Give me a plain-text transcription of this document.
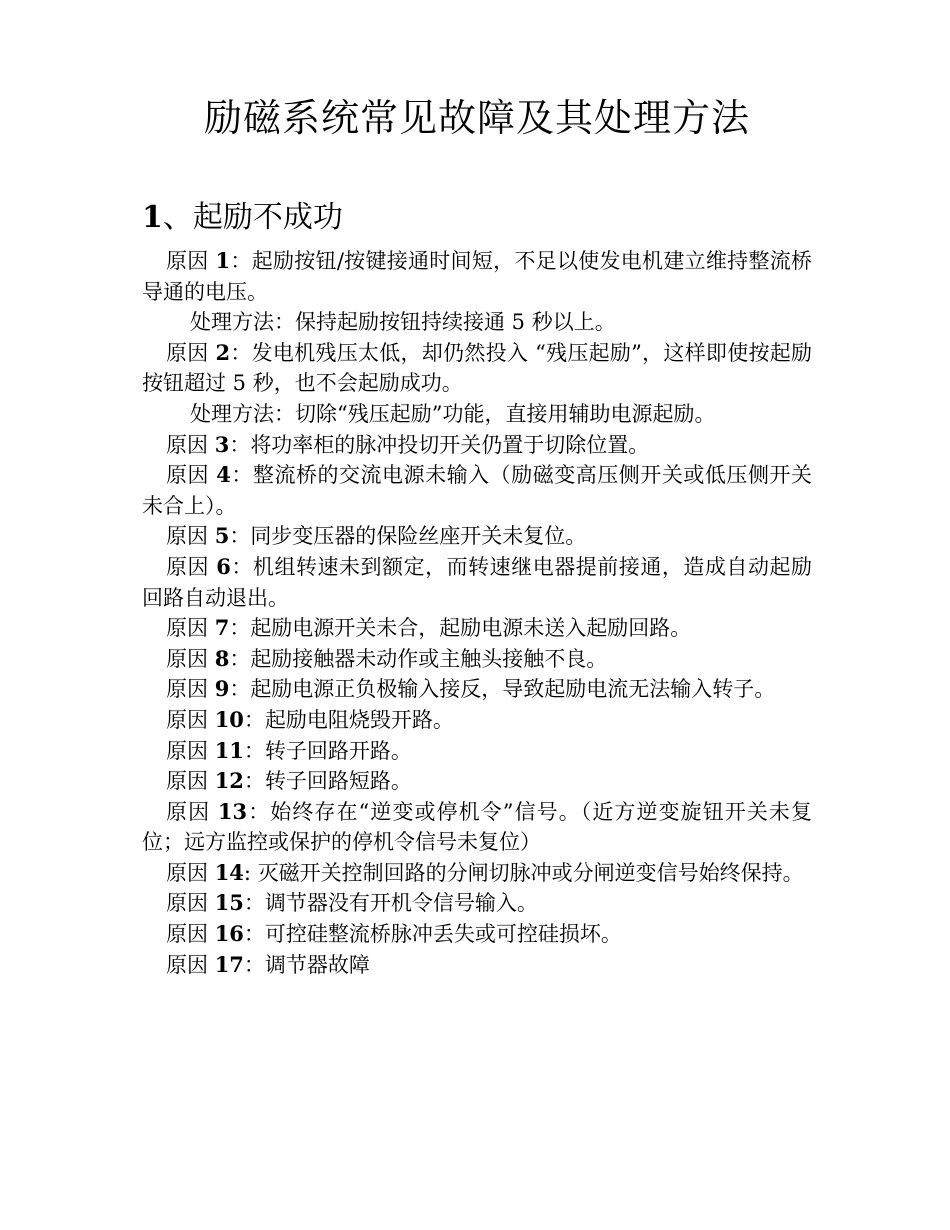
励磁系统常见故障及其处理方法
1、起励不成功

原因 1：起励按钮/按键接通时间短，不足以使发电机建立维持整流桥导通的电压。

处理方法：保持起励按钮持续接通 5 秒以上。

原因 2：发电机残压太低，却仍然投入 “残压起励”，这样即使按起励按钮超过 5 秒，也不会起励成功。

处理方法：切除“残压起励”功能，直接用辅助电源起励。

原因 3：将功率柜的脉冲投切开关仍置于切除位置。

原因 4：整流桥的交流电源未输入（励磁变高压侧开关或低压侧开关未合上）。

原因 5：同步变压器的保险丝座开关未复位。

原因 6：机组转速未到额定，而转速继电器提前接通，造成自动起励回路自动退出。

原因 7：起励电源开关未合，起励电源未送入起励回路。

原因 8：起励接触器未动作或主触头接触不良。

原因 9：起励电源正负极输入接反，导致起励电流无法输入转子。

原因 10：起励电阻烧毁开路。

原因 11：转子回路开路。

原因 12：转子回路短路。

原因 13：始终存在“逆变或停机令”信号。（近方逆变旋钮开关未复位；远方监控或保护的停机令信号未复位）

原因 14: 灭磁开关控制回路的分闸切脉冲或分闸逆变信号始终保持。

原因 15：调节器没有开机令信号输入。

原因 16：可控硅整流桥脉冲丢失或可控硅损坏。

原因 17：调节器故障
